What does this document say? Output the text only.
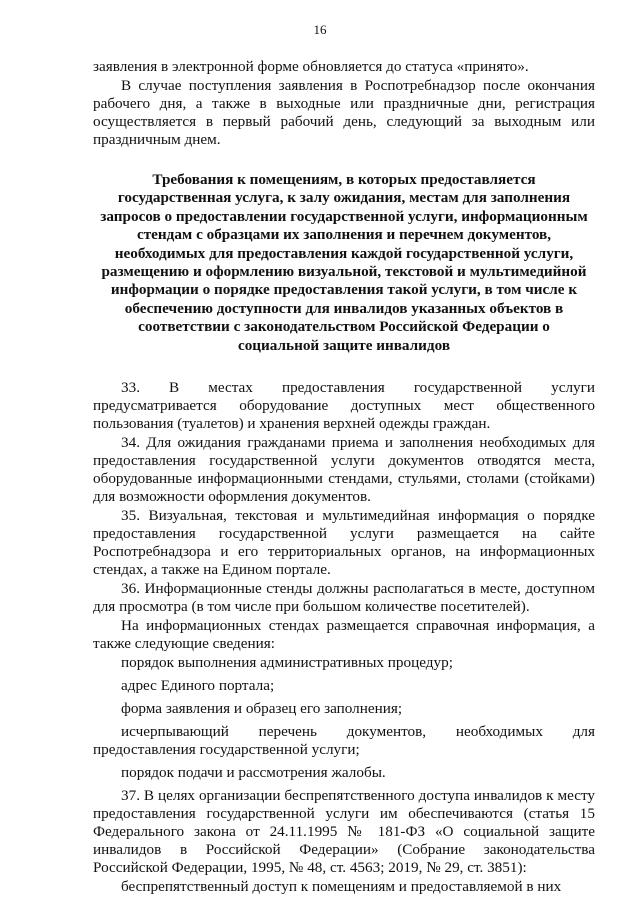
16

заявления в электронной форме обновляется до статуса «принято».

В случае поступления заявления в Роспотребнадзор после окончания рабочего дня, а также в выходные или праздничные дни, регистрация осуществляется в первый рабочий день, следующий за выходным или праздничным днем.

Требования к помещениям, в которых предоставляется государственная услуга, к залу ожидания, местам для заполнения запросов о предоставлении государственной услуги, информационным стендам с образцами их заполнения и перечнем документов, необходимых для предоставления каждой государственной услуги, размещению и оформлению визуальной, текстовой и мультимедийной информации о порядке предоставления такой услуги, в том числе к обеспечению доступности для инвалидов указанных объектов в соответствии с законодательством Российской Федерации о социальной защите инвалидов

33. В местах предоставления государственной услуги предусматривается оборудование доступных мест общественного пользования (туалетов) и хранения верхней одежды граждан.

34. Для ожидания гражданами приема и заполнения необходимых для предоставления государственной услуги документов отводятся места, оборудованные информационными стендами, стульями, столами (стойками) для возможности оформления документов.

35. Визуальная, текстовая и мультимедийная информация о порядке предоставления государственной услуги размещается на сайте Роспотребнадзора и его территориальных органов, на информационных стендах, а также на Едином портале.

36. Информационные стенды должны располагаться в месте, доступном для просмотра (в том числе при большом количестве посетителей).

На информационных стендах размещается справочная информация, а также следующие сведения:

порядок выполнения административных процедур;

адрес Единого портала;

форма заявления и образец его заполнения;

исчерпывающий перечень документов, необходимых для предоставления государственной услуги;

порядок подачи и рассмотрения жалобы.

37. В целях организации беспрепятственного доступа инвалидов к месту предоставления государственной услуги им обеспечиваются (статья 15 Федерального закона от 24.11.1995 № 181-ФЗ «О социальной защите инвалидов в Российской Федерации» (Собрание законодательства Российской Федерации, 1995, № 48, ст. 4563; 2019, № 29, ст. 3851):

беспрепятственный доступ к помещениям и предоставляемой в них
